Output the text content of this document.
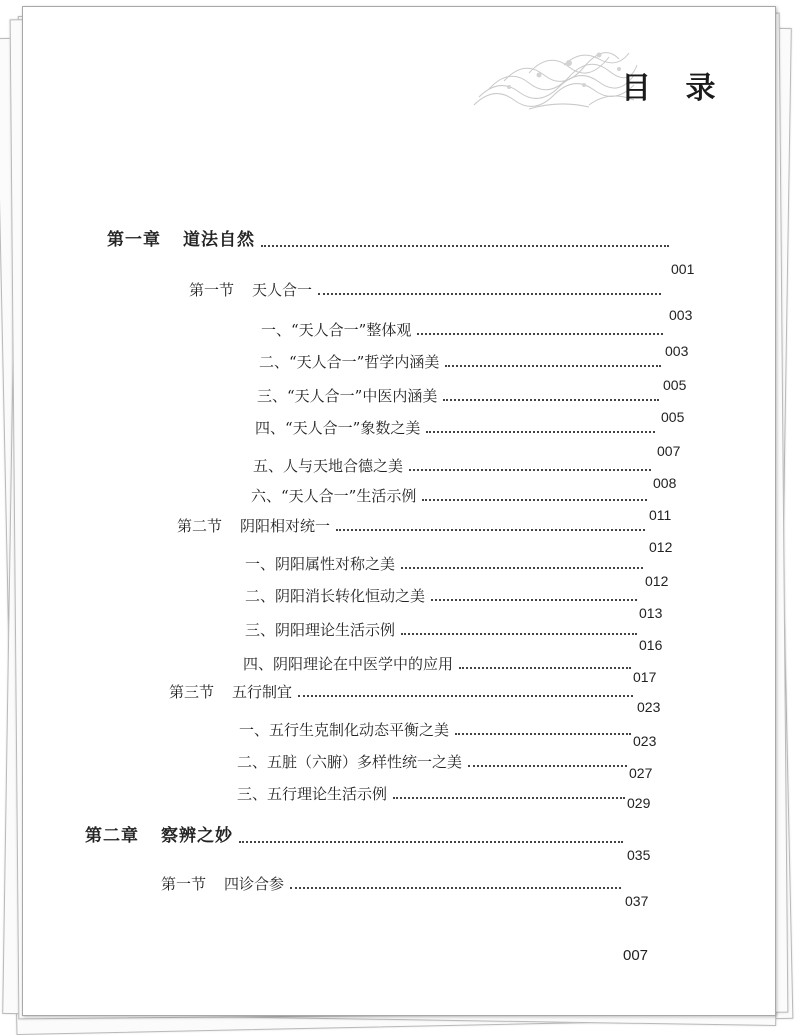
目 录
第一章 道法自然
001
第一节 天人合一
003
一、“天人合一”整体观
003
二、“天人合一”哲学内涵美
005
三、“天人合一”中医内涵美
005
四、“天人合一”象数之美
007
五、人与天地合德之美
008
六、“天人合一”生活示例
011
第二节 阴阳相对统一
012
一、阴阳属性对称之美
012
二、阴阳消长转化恒动之美
013
三、阴阳理论生活示例
016
四、阴阳理论在中医学中的应用
017
第三节 五行制宜
023
一、五行生克制化动态平衡之美
023
二、五脏（六腑）多样性统一之美
027
三、五行理论生活示例	029
第二章 察辨之妙
035
第一节 四诊合参
037
007
